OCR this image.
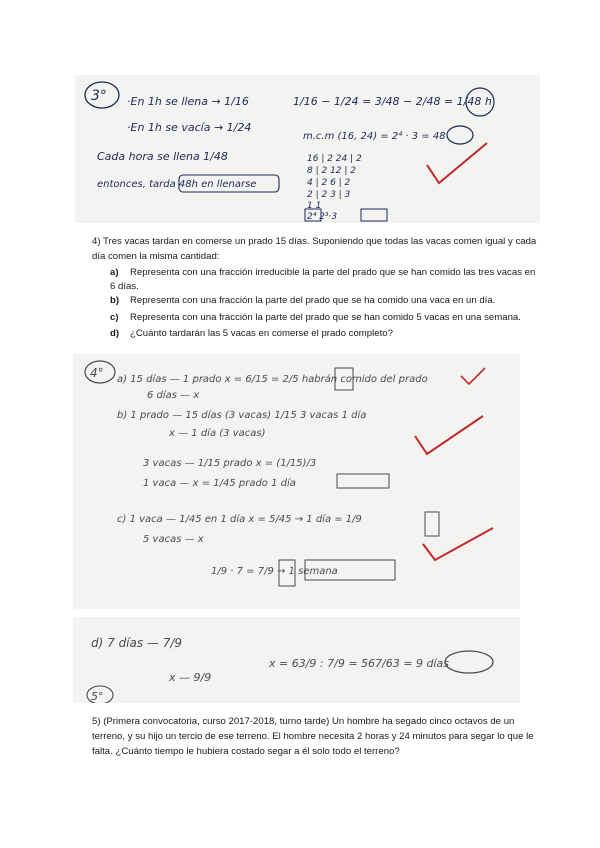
3° ·En 1h se llena → 1/16
·En 1h se vacía → 1/24
1/16 − 1/24 = 3/48 − 2/48 = 1/48 h
m.c.m (16, 24) = 2⁴ · 3 = 48
Cada hora se llena 1/48
entonces, tarda 48h en llenarse
16 | 2 24 | 2
8 | 2 12 | 2
4 | 2 6 | 2
2 | 2 3 | 3
1 1
2⁴ 2³·3
4) Tres vacas tardan en comerse un prado 15 días. Suponiendo que todas las vacas comen igual y cada día comen la misma cantidad:
a) Representa con una fracción irreducible la parte del prado que se han comido las tres vacas en 6 días.
b) Representa con una fracción la parte del prado que se ha comido una vaca en un día.
c) Representa con una fracción la parte del prado que se han comido 5 vacas en una semana.
d) ¿Cuánto tardarán las 5 vacas en comerse el prado completo?
4° a) 15 días — 1 prado x = 6/15 = 2/5 habrán comido del prado
6 días — x
b) 1 prado — 15 días (3 vacas) 1/15 3 vacas 1 día
x — 1 día (3 vacas)
3 vacas — 1/15 prado x = (1/15)/3
1 vaca — x = 1/45 prado 1 día
c) 1 vaca — 1/45 en 1 día x = 5/45 → 1 día = 1/9
5 vacas — x
1/9 · 7 = 7/9 → 1 semana
d) 7 días — 7/9
x — 9/9
x = 63/9 : 7/9 = 567/63 = 9 días
5°
5) (Primera convocatoria, curso 2017-2018, turno tarde) Un hombre ha segado cinco octavos de un terreno, y su hijo un tercio de ese terreno. El hombre necesita 2 horas y 24 minutos para segar lo que le falta. ¿Cuánto tiempo le hubiera costado segar a él solo todo el terreno?
